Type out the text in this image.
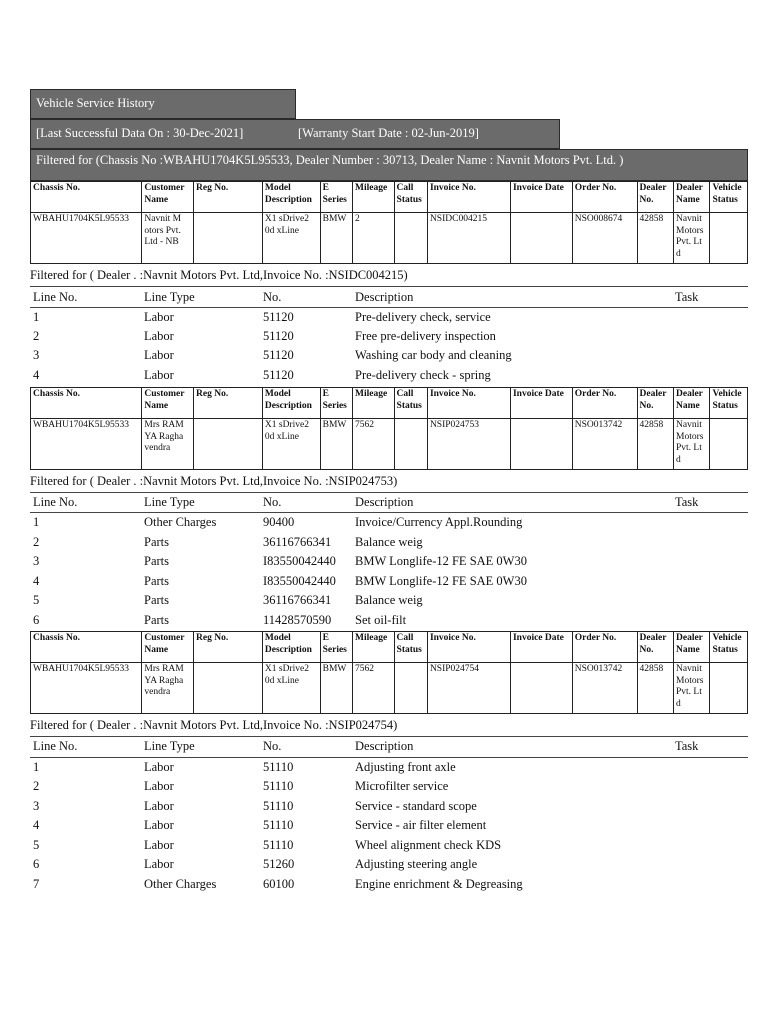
Vehicle Service History
[Last Successful Data On : 30-Dec-2021]	[Warranty Start Date : 02-Jun-2019]
Filtered for (Chassis No :WBAHU1704K5L95533, Dealer Number : 30713, Dealer Name : Navnit Motors Pvt. Ltd. )
Chassis No.	Customer Name	Reg No.	Model Description	E Series	Mileage	Call Status	Invoice No.	Invoice Date	Order No.	Dealer No.	Dealer Name	Vehicle Status
WBAHU1704K5L95533	Navnit M otors Pvt. Ltd - NB		X1 sDrive2 0d xLine	BMW	2		NSIDC004215		NSO008674	42858	Navnit Motors Pvt. Lt d	
Filtered for ( Dealer . :Navnit Motors Pvt. Ltd,Invoice No. :NSIDC004215)
Line No.	Line Type	No.	Description	Task
1	Labor	51120	Pre-delivery check, service
2	Labor	51120	Free pre-delivery inspection
3	Labor	51120	Washing car body and cleaning
4	Labor	51120	Pre-delivery check - spring
Chassis No.	Customer Name	Reg No.	Model Description	E Series	Mileage	Call Status	Invoice No.	Invoice Date	Order No.	Dealer No.	Dealer Name	Vehicle Status
WBAHU1704K5L95533	Mrs RAM YA Ragha vendra		X1 sDrive2 0d xLine	BMW	7562		NSIP024753		NSO013742	42858	Navnit Motors Pvt. Lt d	
Filtered for ( Dealer . :Navnit Motors Pvt. Ltd,Invoice No. :NSIP024753)
Line No.	Line Type	No.	Description	Task
1	Other Charges	90400	Invoice/Currency Appl.Rounding
2	Parts	36116766341 Balance weig
3	Parts	I83550042440 BMW Longlife-12 FE SAE 0W30
4	Parts	I83550042440 BMW Longlife-12 FE SAE 0W30
5	Parts	36116766341 Balance weig
6	Parts	11428570590 Set oil-filt
Chassis No.	Customer Name	Reg No.	Model Description	E Series	Mileage	Call Status	Invoice No.	Invoice Date	Order No.	Dealer No.	Dealer Name	Vehicle Status
WBAHU1704K5L95533	Mrs RAM YA Ragha vendra		X1 sDrive2 0d xLine	BMW	7562		NSIP024754		NSO013742	42858	Navnit Motors Pvt. Lt d	
Filtered for ( Dealer . :Navnit Motors Pvt. Ltd,Invoice No. :NSIP024754)
Line No.	Line Type	No.	Description	Task
1	Labor	51110	Adjusting front axle
2	Labor	51110	Microfilter service
3	Labor	51110	Service - standard scope
4	Labor	51110	Service - air filter element
5	Labor	51110	Wheel alignment check KDS
6	Labor	51260	Adjusting steering angle
7	Other Charges	60100	Engine enrichment & Degreasing
